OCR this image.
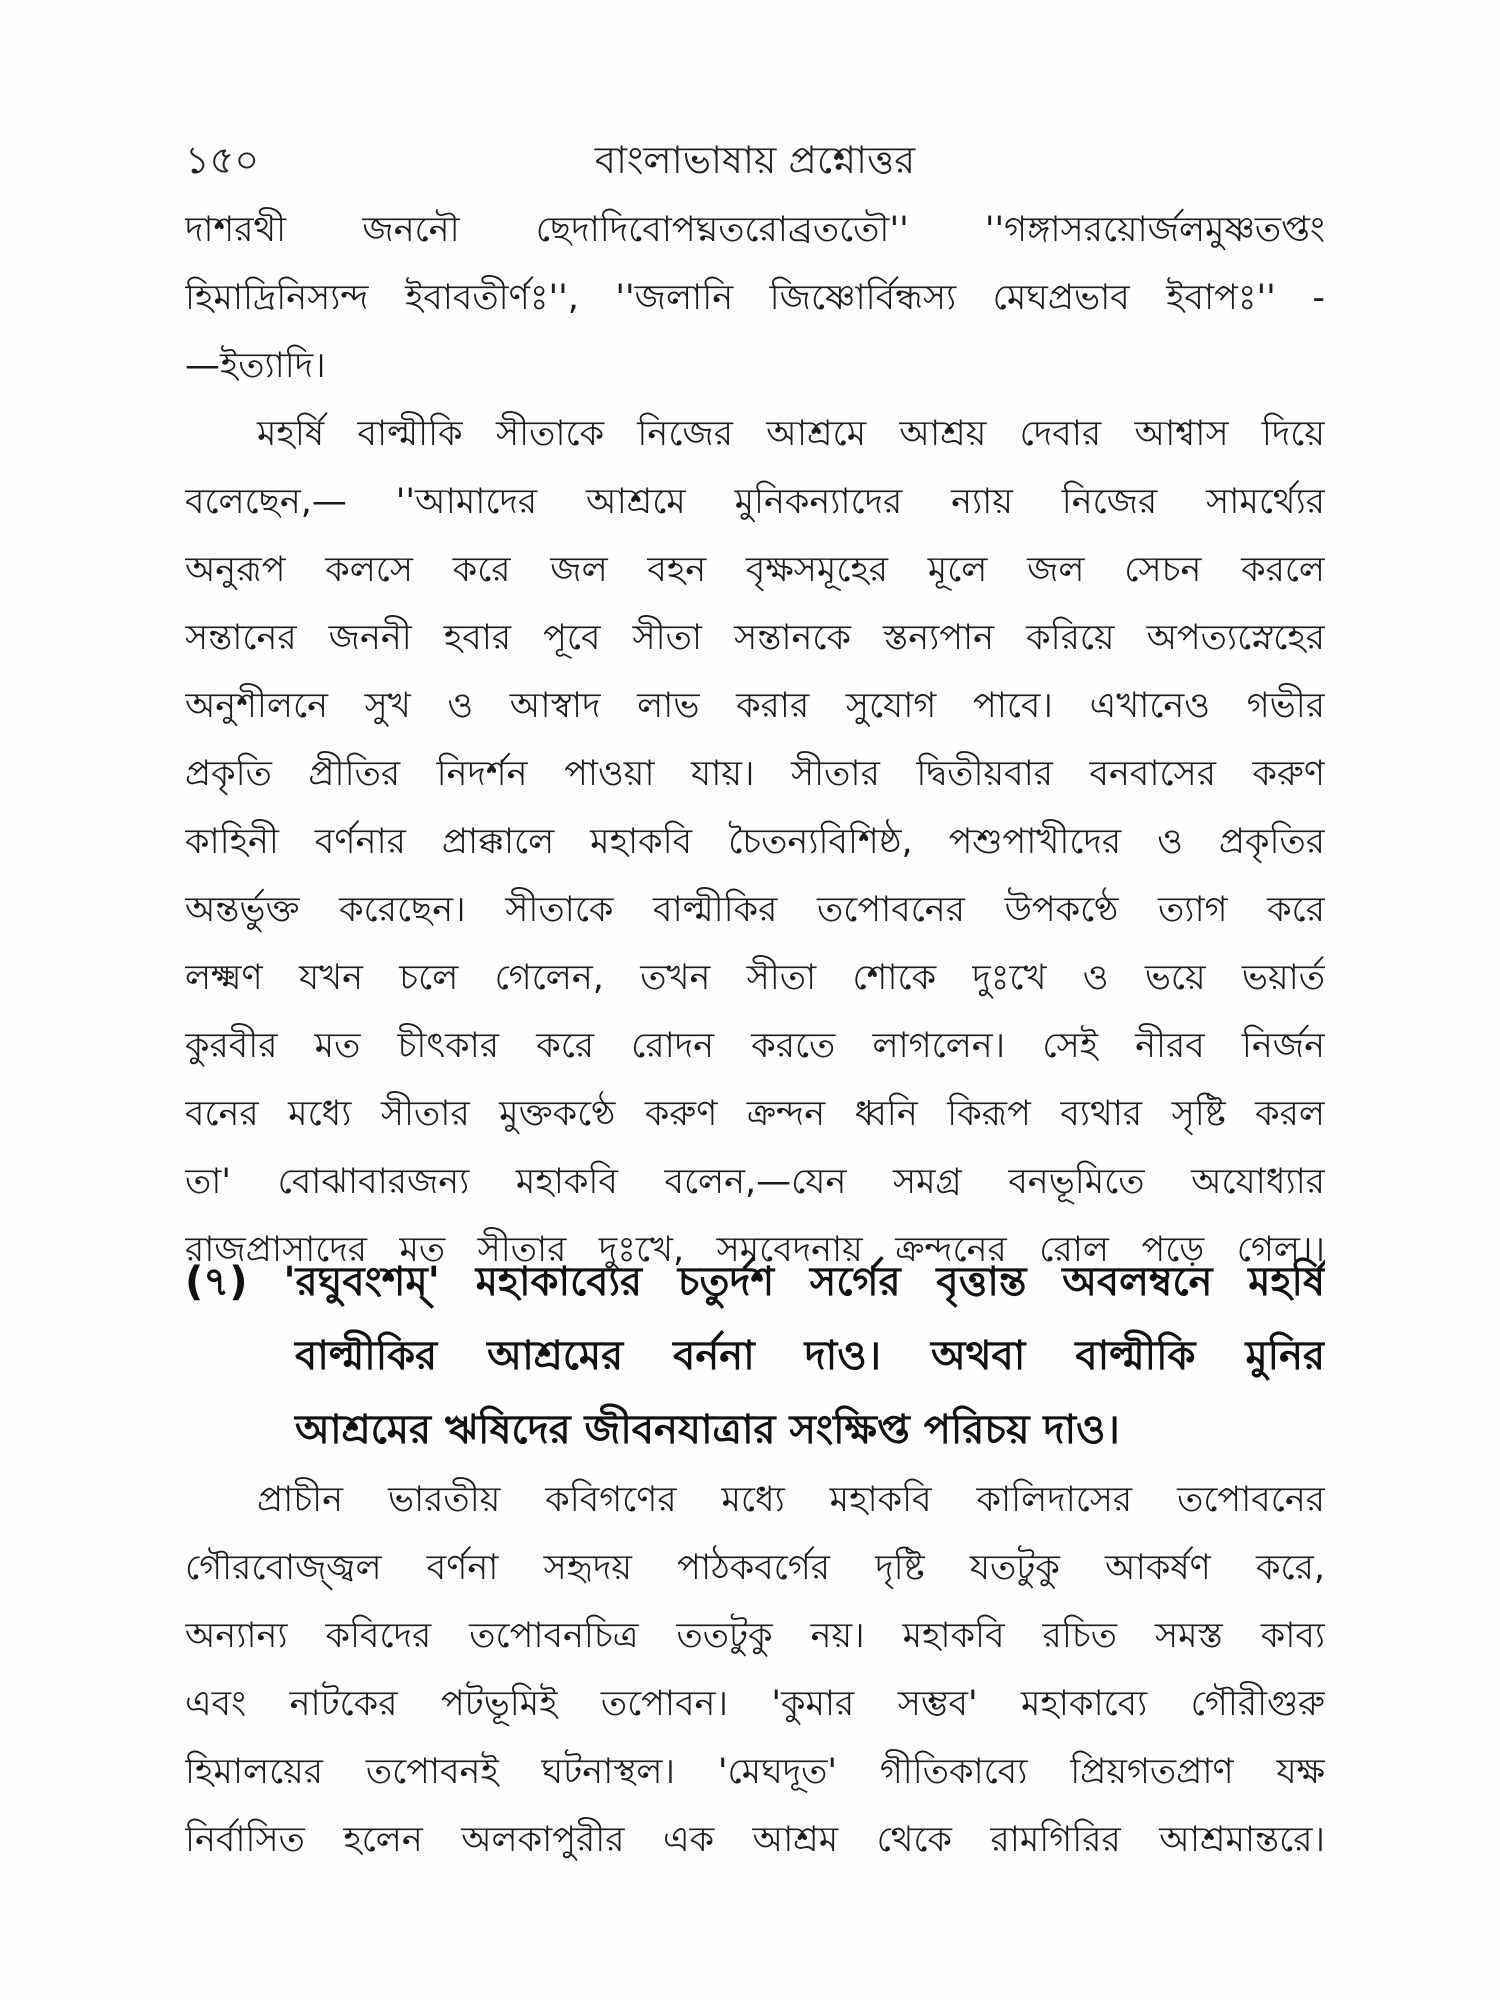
১৫০	বাংলাভাষায় প্রশ্নোত্তর
দাশরথী জননৌ ছেদাদিবোপঘ্নতরোব্রততৌ'' ''গঙ্গাসরয়োর্জলমুষ্ণতপ্তং
হিমাদ্রিনিস্যন্দ ইবাবতীর্ণঃ'', ''জলানি জিষ্ণোর্বিন্ধস্য মেঘপ্রভাব ইবাপঃ'' -
—ইত্যাদি।
মহর্ষি বাল্মীকি সীতাকে নিজের আশ্রমে আশ্রয় দেবার আশ্বাস দিয়ে
বলেছেন,— ''আমাদের আশ্রমে মুনিকন্যাদের ন্যায় নিজের সামর্থ্যের
অনুরূপ কলসে করে জল বহন বৃক্ষসমূহের মূলে জল সেচন করলে
সন্তানের জননী হবার পূবে সীতা সন্তানকে স্তন্যপান করিয়ে অপত্যস্নেহের
অনুশীলনে সুখ ও আস্বাদ লাভ করার সুযোগ পাবে। এখানেও গভীর
প্রকৃতি প্রীতির নিদর্শন পাওয়া যায়। সীতার দ্বিতীয়বার বনবাসের করুণ
কাহিনী বর্ণনার প্রাক্কালে মহাকবি চৈতন্যবিশিষ্ঠ, পশুপাখীদের ও প্রকৃতির
অন্তর্ভুক্ত করেছেন। সীতাকে বাল্মীকির তপোবনের উপকণ্ঠে ত্যাগ করে
লক্ষ্মণ যখন চলে গেলেন, তখন সীতা শোকে দুঃখে ও ভয়ে ভয়ার্ত
কুরবীর মত চীৎকার করে রোদন করতে লাগলেন। সেই নীরব নির্জন
বনের মধ্যে সীতার মুক্তকণ্ঠে করুণ ক্রন্দন ধ্বনি কিরূপ ব্যথার সৃষ্টি করল
তা' বোঝাবারজন্য মহাকবি বলেন,—যেন সমগ্র বনভূমিতে অযোধ্যার
রাজপ্রাসাদের মত সীতার দুঃখে, সমবেদনায় ক্রন্দনের রোল পড়ে গেল।।
(৭) 'রঘুবংশম্' মহাকাব্যের চতুর্দশ সর্গের বৃত্তান্ত অবলম্বনে মহর্ষি
বাল্মীকির আশ্রমের বর্ননা দাও। অথবা বাল্মীকি মুনির
আশ্রমের ঋষিদের জীবনযাত্রার সংক্ষিপ্ত পরিচয় দাও।
প্রাচীন ভারতীয় কবিগণের মধ্যে মহাকবি কালিদাসের তপোবনের
গৌরবোজ্জ্বল বর্ণনা সহৃদয় পাঠকবর্গের দৃষ্টি যতটুকু আকর্ষণ করে,
অন্যান্য কবিদের তপোবনচিত্র ততটুকু নয়। মহাকবি রচিত সমস্ত কাব্য
এবং নাটকের পটভূমিই তপোবন। 'কুমার সম্ভব' মহাকাব্যে গৌরীগুরু
হিমালয়ের তপোবনই ঘটনাস্থল। 'মেঘদূত' গীতিকাব্যে প্রিয়গতপ্রাণ যক্ষ
নির্বাসিত হলেন অলকাপুরীর এক আশ্রম থেকে রামগিরির আশ্রমান্তরে।
